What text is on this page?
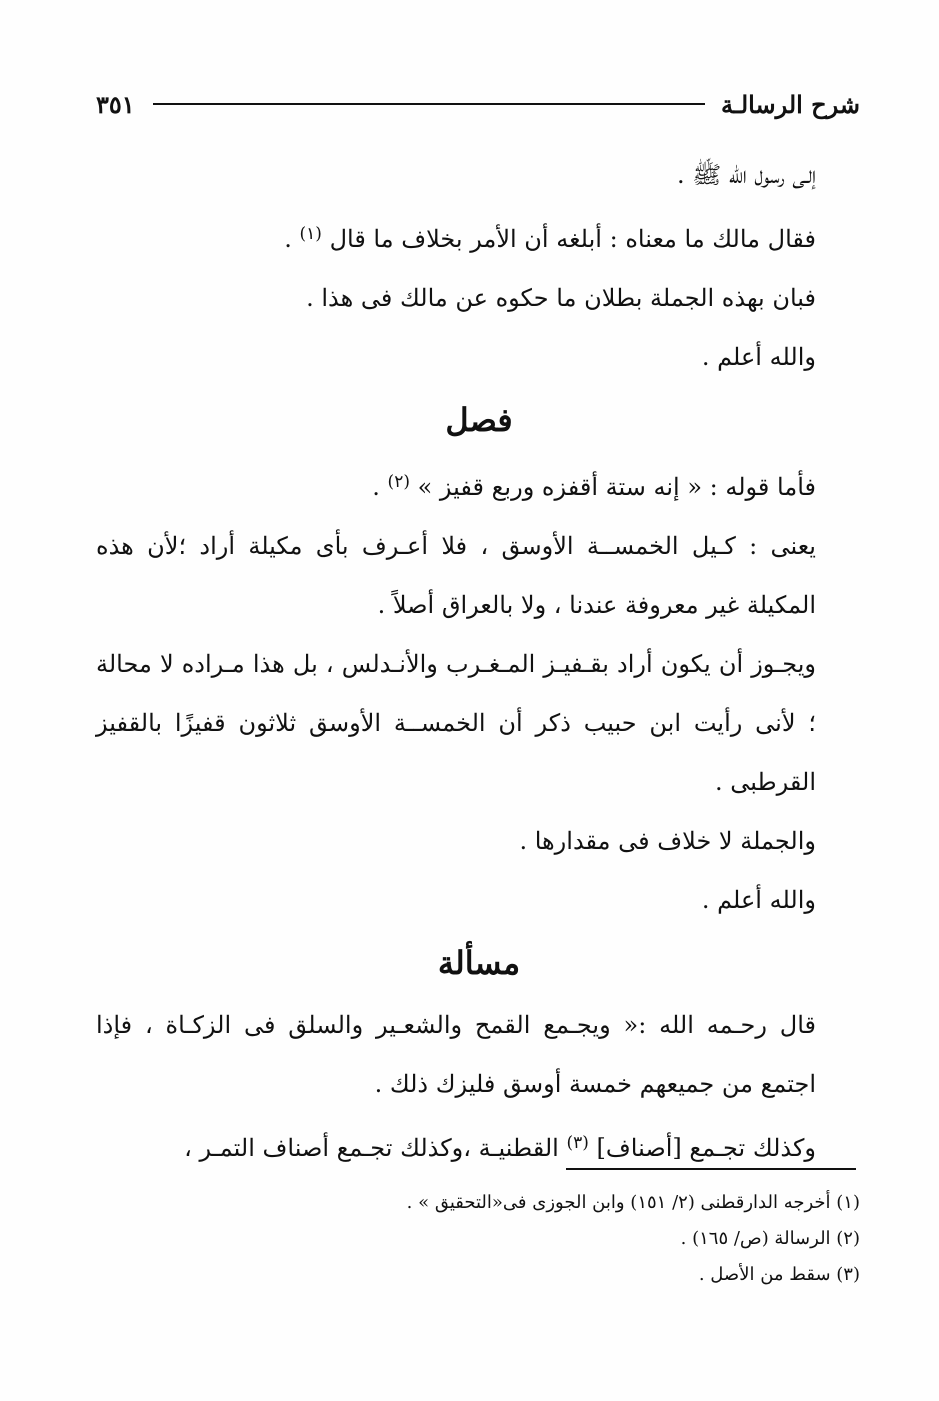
شرح الرسالـة
٣٥١

إلـى رسول الله ﷺ .

فقال مالك ما معناه : أبلغه أن الأمر بخلاف ما قال $^{(١)}$ .

فبان بهذه الجملة بطلان ما حكوه عن مالك فى هذا .

والله أعلم .

فصل

فأما قوله : « إنه ستة أقفزه وربع قفيز » $^{(٢)}$ .

يعنى : كـيل الخمســة الأوسق ، فلا أعـرف بأى مكيلة أراد ؛لأن هذه المكيلة غير معروفة عندنا ، ولا بالعراق أصلاً .

ويجـوز أن يكون أراد بقـفيـز المـغـرب والأنـدلس ، بل هذا مـراده لا محالة ؛ لأنى رأيت ابن حبيب ذكر أن الخمســة الأوسق ثلاثون قفيزًا بالقفيز القرطبى .

والجملة لا خلاف فى مقدارها .

والله أعلم .

مسألة

قال رحـمه الله :« ويجـمع القمح والشعـير والسلق فى الزكـاة ، فإذا اجتمع من جميعهم خمسة أوسق فليزك ذلك .

وكذلك تجـمع [أصناف] $^{(٣)}$ القطنيـة ،وكذلك تجـمع أصناف التمـر ،

(١) أخرجه الدارقطنى (٢/ ١٥١) وابن الجوزى فى«التحقيق » .

(٢) الرسالة (ص/ ١٦٥) .

(٣) سقط من الأصل .
